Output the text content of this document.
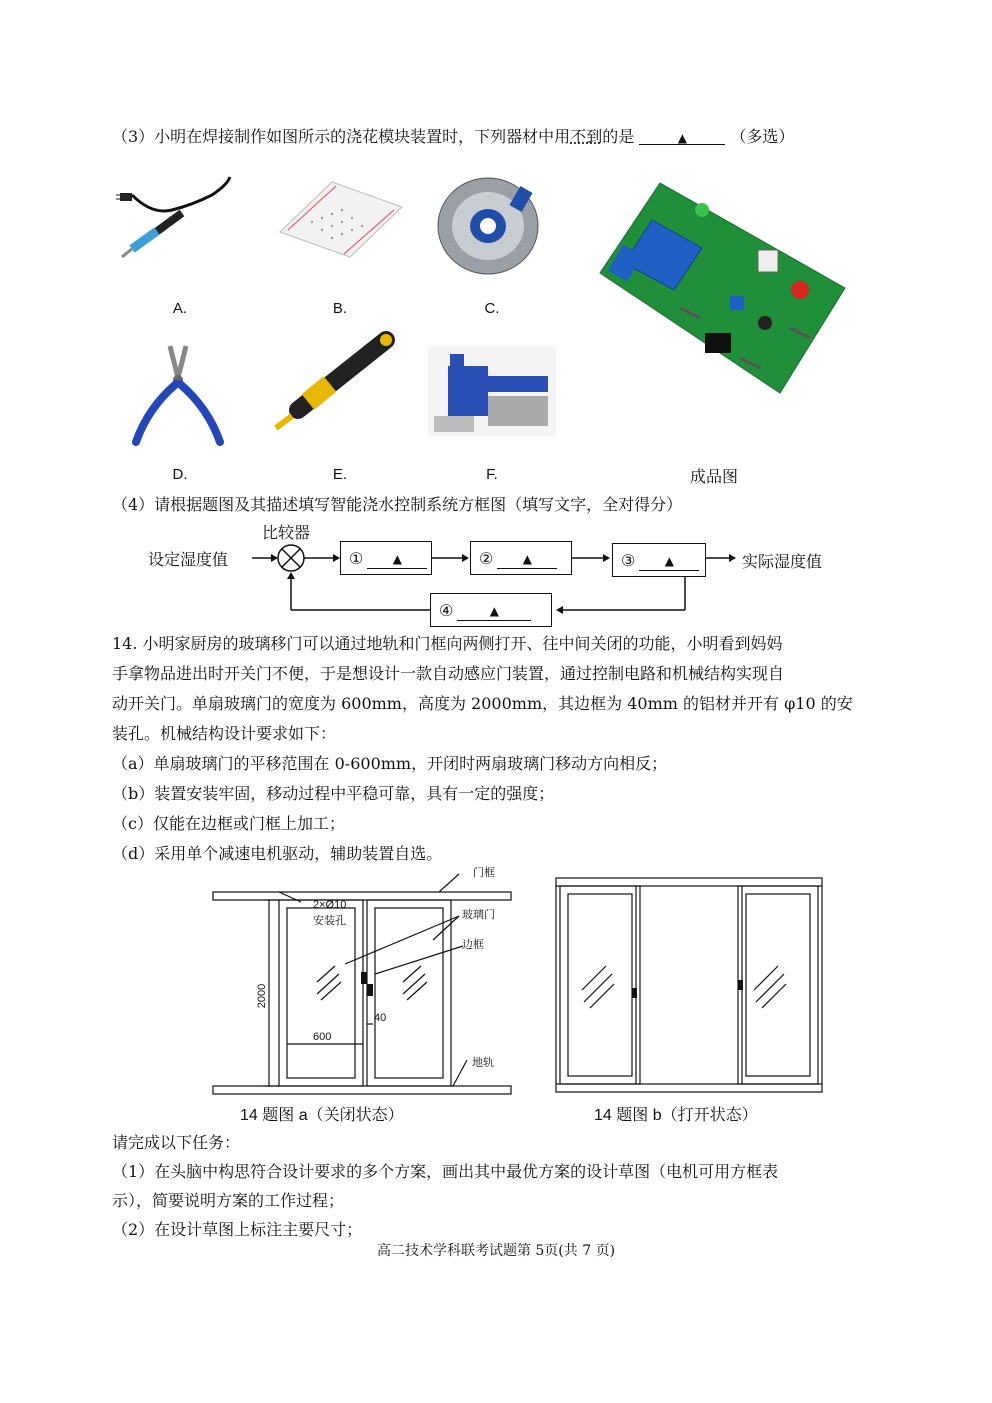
（3）小明在焊接制作如图所示的浇花模块装置时，下列器材中用不到的是	▲	（多选）
A.	B.	C.
D.	E.	F.	成品图
（4）请根据题图及其描述填写智能浇水控制系统方框图（填写文字，全对得分）
比较器
设定湿度值	实际湿度值
①	▲	②	▲	③	▲
④	▲
14. 小明家厨房的玻璃移门可以通过地轨和门框向两侧打开、往中间关闭的功能，小明看到妈妈
手拿物品进出时开关门不便，于是想设计一款自动感应门装置，通过控制电路和机械结构实现自
动开关门。单扇玻璃门的宽度为 600mm，高度为 2000mm，其边框为 40mm 的铝材并开有 φ10 的安
装孔。机械结构设计要求如下：
（a）单扇玻璃门的平移范围在 0-600mm，开闭时两扇玻璃门移动方向相反；
（b）装置安装牢固，移动过程中平稳可靠，具有一定的强度；
（c）仅能在边框或门框上加工；
（d）采用单个减速电机驱动，辅助装置自选。
门框
2×Ø10
安装孔	玻璃门
边框
2000
600
40
地轨
14 题图 a（关闭状态）	14 题图 b（打开状态）
请完成以下任务：
（1）在头脑中构思符合设计要求的多个方案，画出其中最优方案的设计草图（电机可用方框表
示），简要说明方案的工作过程；
（2）在设计草图上标注主要尺寸；
高二技术学科联考试题第 5页(共 7 页)
